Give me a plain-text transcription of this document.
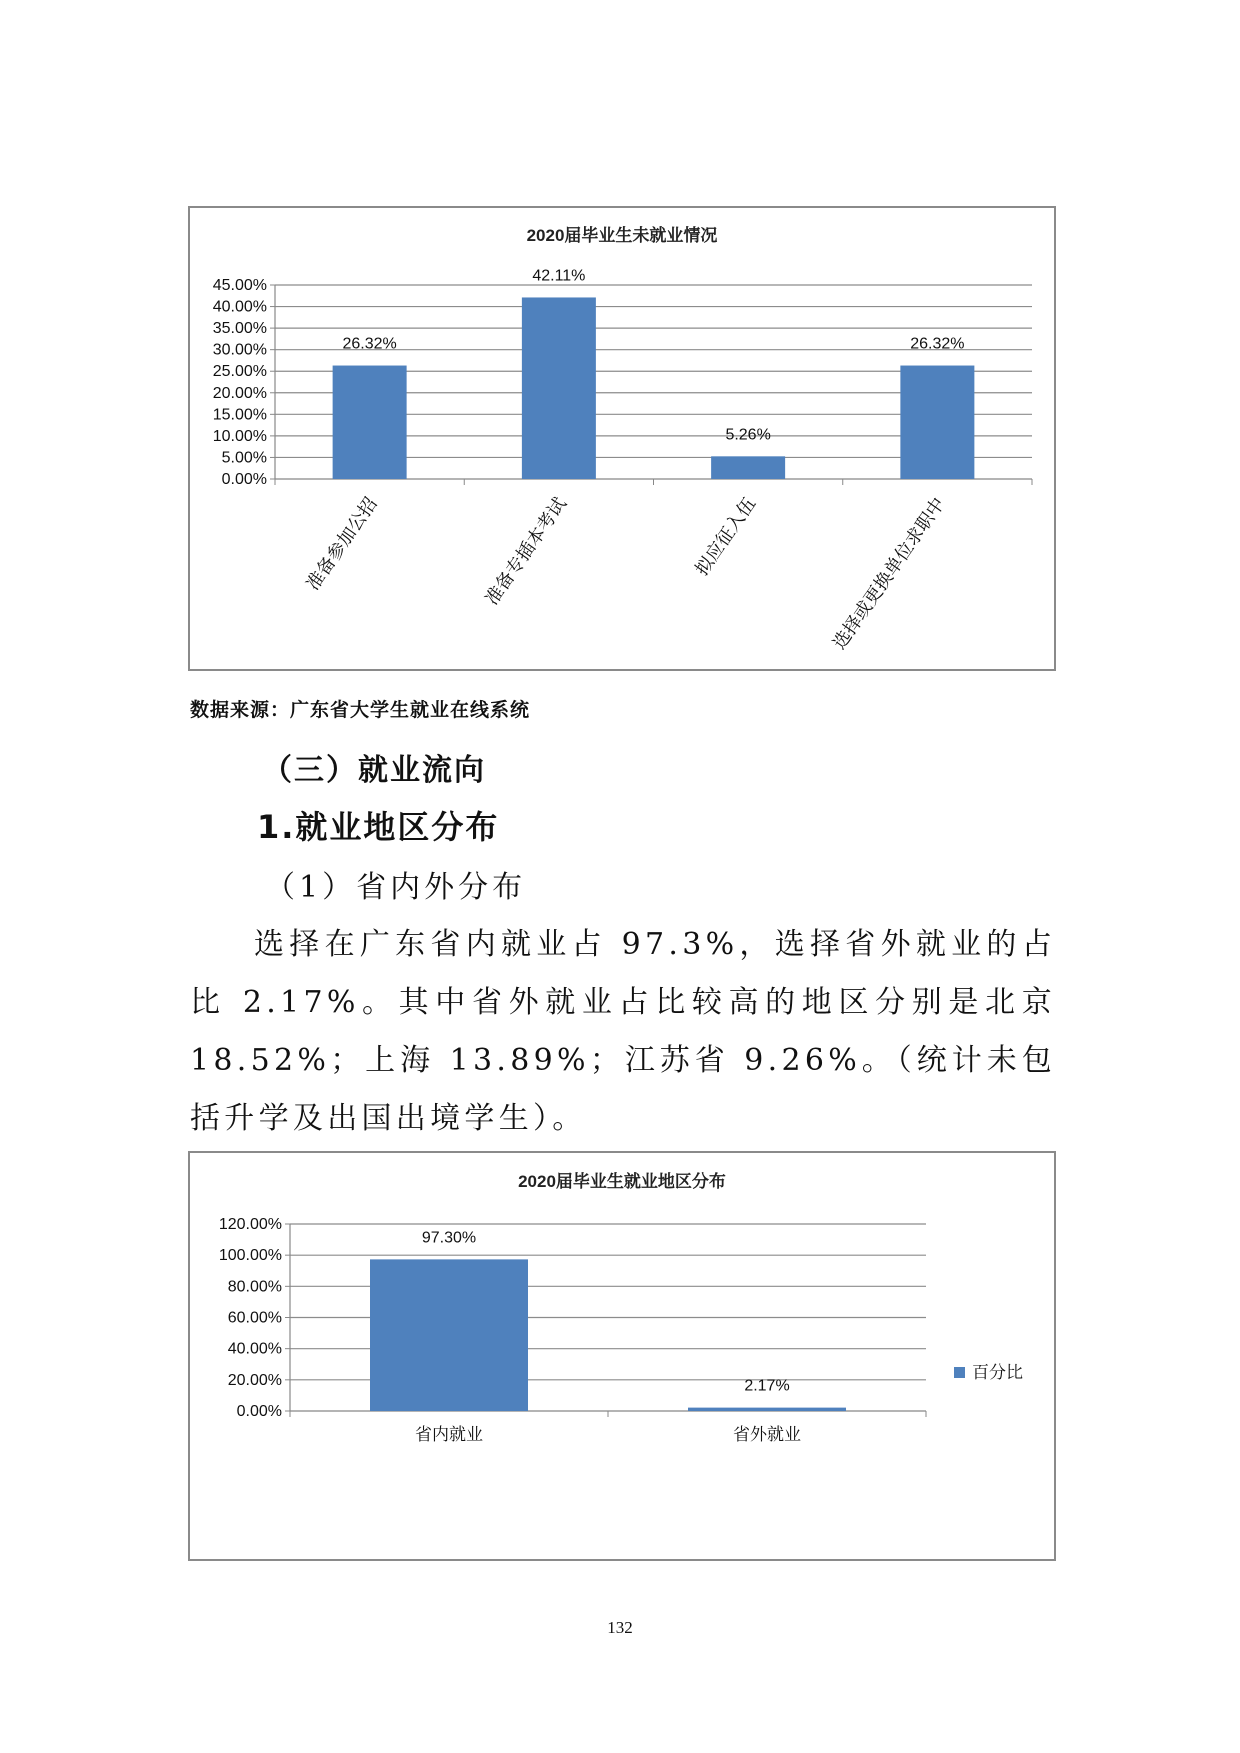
2020届毕业生未就业情况
0.00%
5.00%
10.00%
15.00%
20.00%
25.00%
30.00%
35.00%
40.00%
45.00%
26.32%
准备参加公招
42.11%
准备专插本考试
5.26%
拟应征入伍
26.32%
选择或更换单位求职中
数据来源：广东省大学生就业在线系统
（三）就业流向
1.就业地区分布
（1）省内外分布

选择在广东省内就业占 97.3%，选择省外就业的占比 2.17%。其中省外就业占比较高的地区分别是北京 18.52%；上海 13.89%；江苏省 9.26%。（统计未包括升学及出国出境学生）。

2020届毕业生就业地区分布
0.00%
20.00%
40.00%
60.00%
80.00%
100.00%
120.00%
97.30%
省内就业
2.17%
省外就业
百分比
132
